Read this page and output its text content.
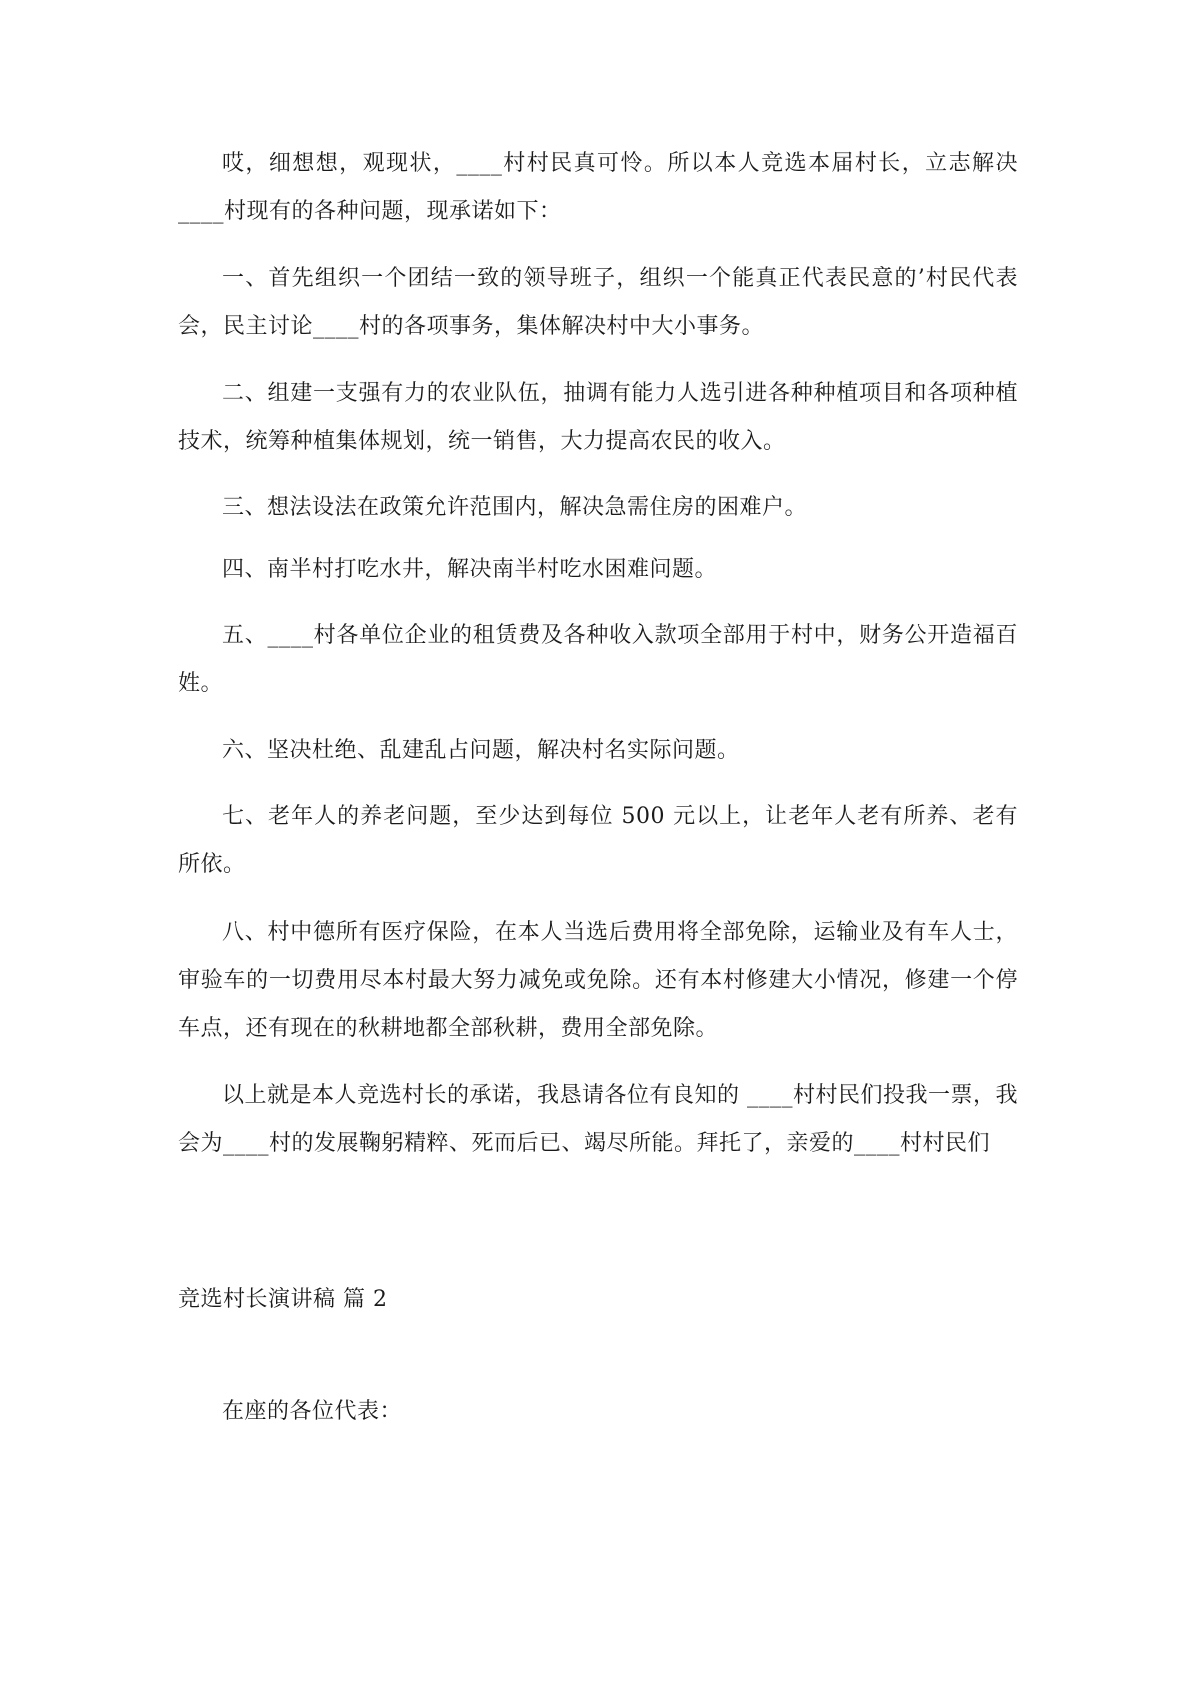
哎，细想想，观现状，____村村民真可怜。所以本人竞选本届村长，立志解决____村现有的各种问题，现承诺如下：

一、首先组织一个团结一致的领导班子，组织一个能真正代表民意的’村民代表会，民主讨论____村的各项事务，集体解决村中大小事务。

二、组建一支强有力的农业队伍，抽调有能力人选引进各种种植项目和各项种植技术，统筹种植集体规划，统一销售，大力提高农民的收入。

三、想法设法在政策允许范围内，解决急需住房的困难户。

四、南半村打吃水井，解决南半村吃水困难问题。

五、____村各单位企业的租赁费及各种收入款项全部用于村中，财务公开造福百姓。

六、坚决杜绝、乱建乱占问题，解决村名实际问题。

七、老年人的养老问题，至少达到每位 500 元以上，让老年人老有所养、老有所依。

八、村中德所有医疗保险，在本人当选后费用将全部免除，运输业及有车人士，审验车的一切费用尽本村最大努力减免或免除。还有本村修建大小情况，修建一个停车点，还有现在的秋耕地都全部秋耕，费用全部免除。

以上就是本人竞选村长的承诺，我恳请各位有良知的 ____村村民们投我一票，我会为____村的发展鞠躬精粹、死而后已、竭尽所能。拜托了，亲爱的____村村民们

竞选村长演讲稿 篇 2

在座的各位代表：
